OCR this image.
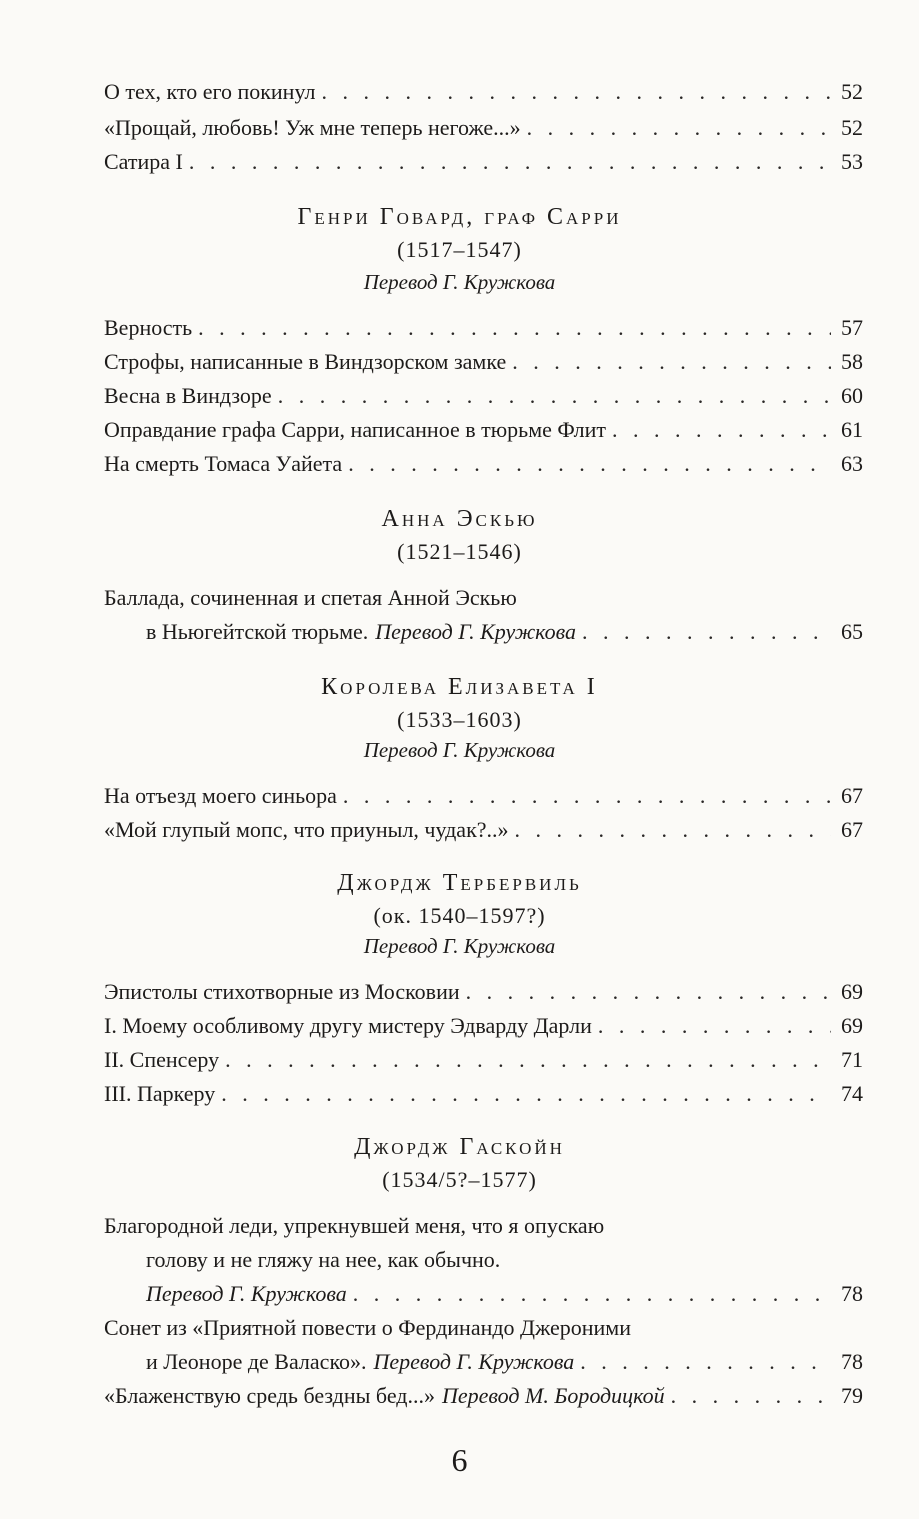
О тех, кто его покинул . . .	52
«Прощай, любовь! Уж мне теперь негоже...» . . .	52
Сатира I . . .	53
Генри Говард, граф Сарри
(1517–1547)
Перевод Г. Кружкова
Верность . . .	57
Строфы, написанные в Виндзорском замке . . .	58
Весна в Виндзоре . . .	60
Оправдание графа Сарри, написанное в тюрьме Флит . . .	61
На смерть Томаса Уайета . . .	63
Анна Эскью
(1521–1546)
Баллада, сочиненная и спетая Анной Эскью
в Ньюгейтской тюрьме. Перевод Г. Кружкова . . .	65
Королева Елизавета I
(1533–1603)
Перевод Г. Кружкова
На отъезд моего синьора . . .	67
«Мой глупый мопс, что приуныл, чудак?..» . . .	67
Джордж Тербервиль
(ок. 1540–1597?)
Перевод Г. Кружкова
Эпистолы стихотворные из Московии . . .	69
I. Моему особливому другу мистеру Эдварду Дарли . . .	69
II. Спенсеру . . .	71
III. Паркеру . . .	74
Джордж Гаскойн
(1534/5?–1577)
Благородной леди, упрекнувшей меня, что я опускаю
голову и не гляжу на нее, как обычно.
Перевод Г. Кружкова . . .	78
Сонет из «Приятной повести о Фердинандо Джероними
и Леоноре де Валаско». Перевод Г. Кружкова . . .	78
«Блаженствую средь бездны бед...» Перевод М. Бородицкой . . .	79
6
